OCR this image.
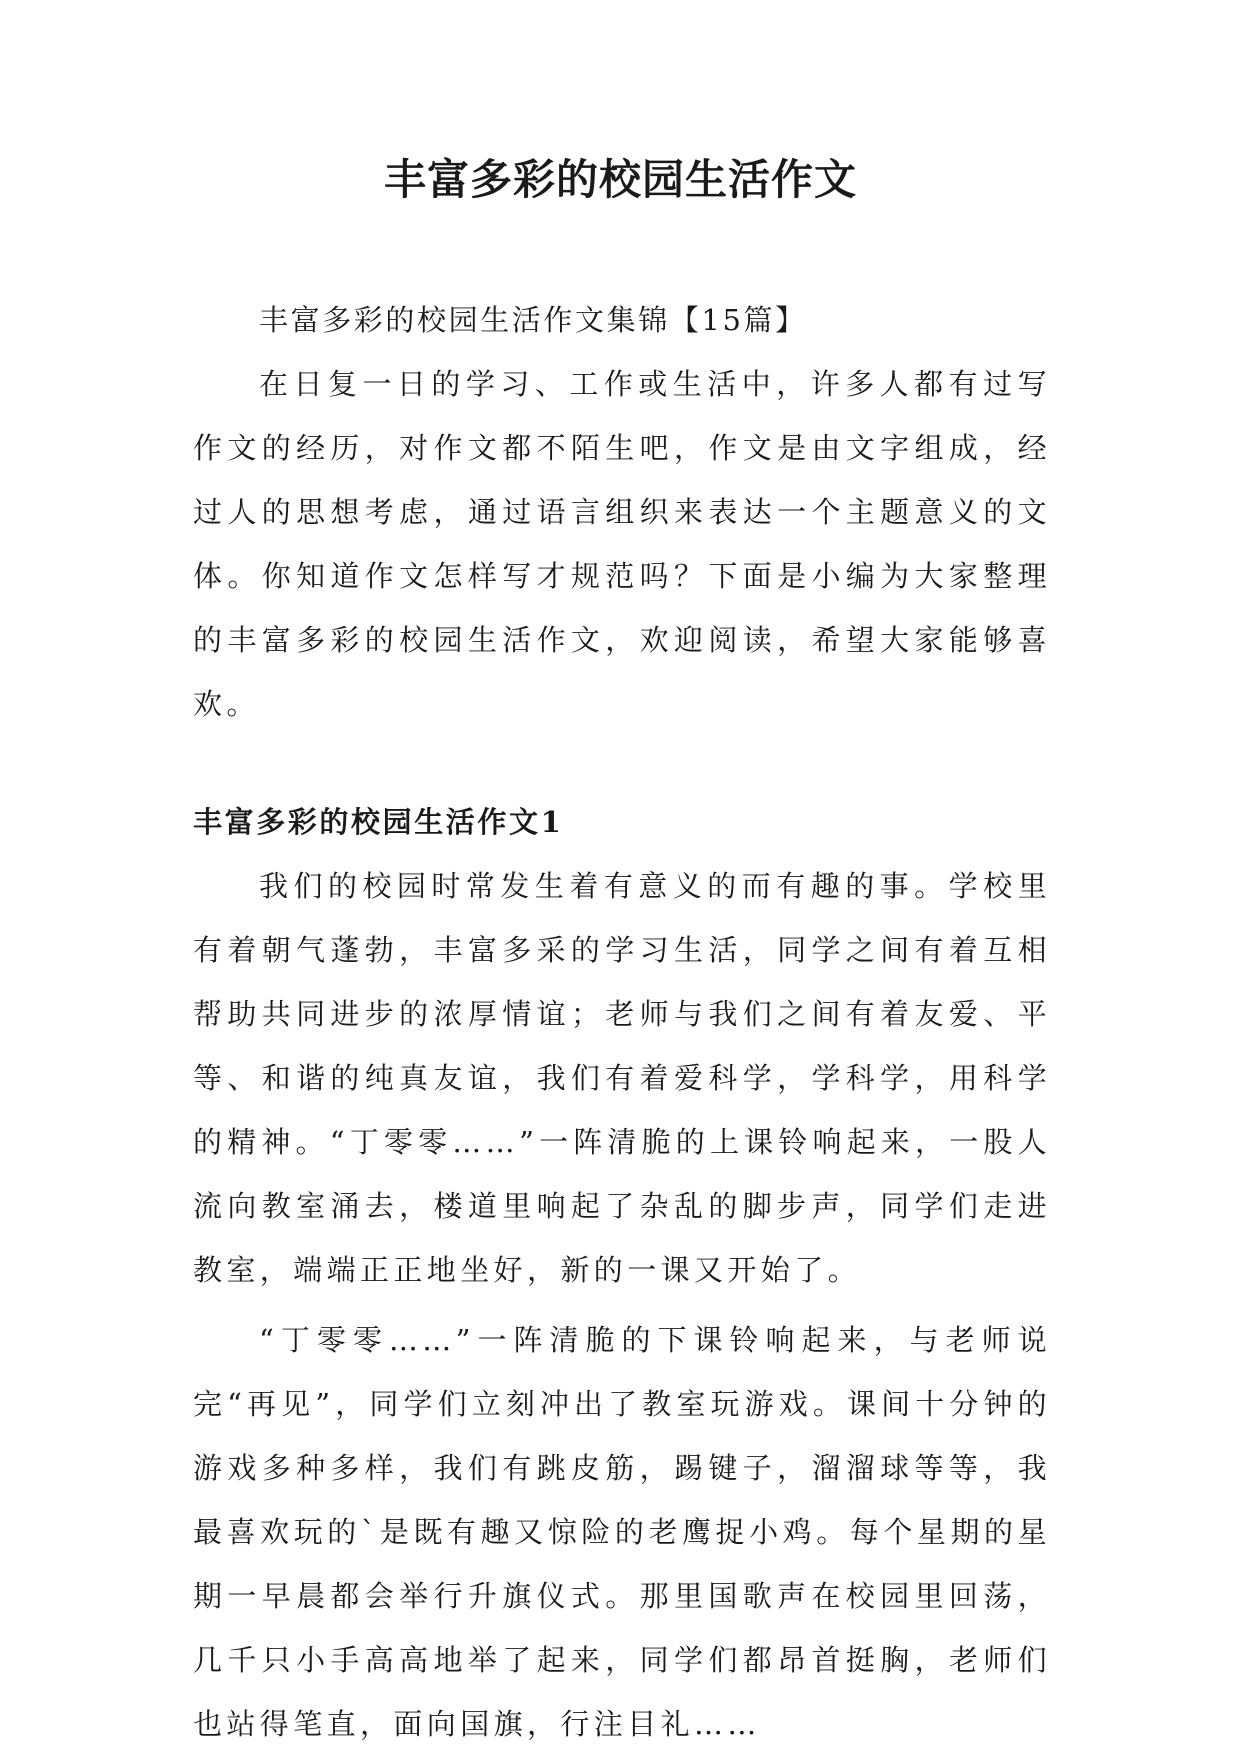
丰富多彩的校园生活作文

丰富多彩的校园生活作文集锦【15篇】

在日复一日的学习、工作或生活中，许多人都有过写作文的经历，对作文都不陌生吧，作文是由文字组成，经过人的思想考虑，通过语言组织来表达一个主题意义的文体。你知道作文怎样写才规范吗？下面是小编为大家整理的丰富多彩的校园生活作文，欢迎阅读，希望大家能够喜欢。

丰富多彩的校园生活作文1

我们的校园时常发生着有意义的而有趣的事。学校里有着朝气蓬勃，丰富多采的学习生活，同学之间有着互相帮助共同进步的浓厚情谊；老师与我们之间有着友爱、平等、和谐的纯真友谊，我们有着爱科学，学科学，用科学的精神。“丁零零……”一阵清脆的上课铃响起来，一股人流向教室涌去，楼道里响起了杂乱的脚步声，同学们走进教室，端端正正地坐好，新的一课又开始了。

“丁零零……”一阵清脆的下课铃响起来，与老师说完“再见”，同学们立刻冲出了教室玩游戏。课间十分钟的游戏多种多样，我们有跳皮筋，踢键子，溜溜球等等，我最喜欢玩的`是既有趣又惊险的老鹰捉小鸡。每个星期的星期一早晨都会举行升旗仪式。那里国歌声在校园里回荡，几千只小手高高地举了起来，同学们都昂首挺胸，老师们也站得笔直，面向国旗，行注目礼……
